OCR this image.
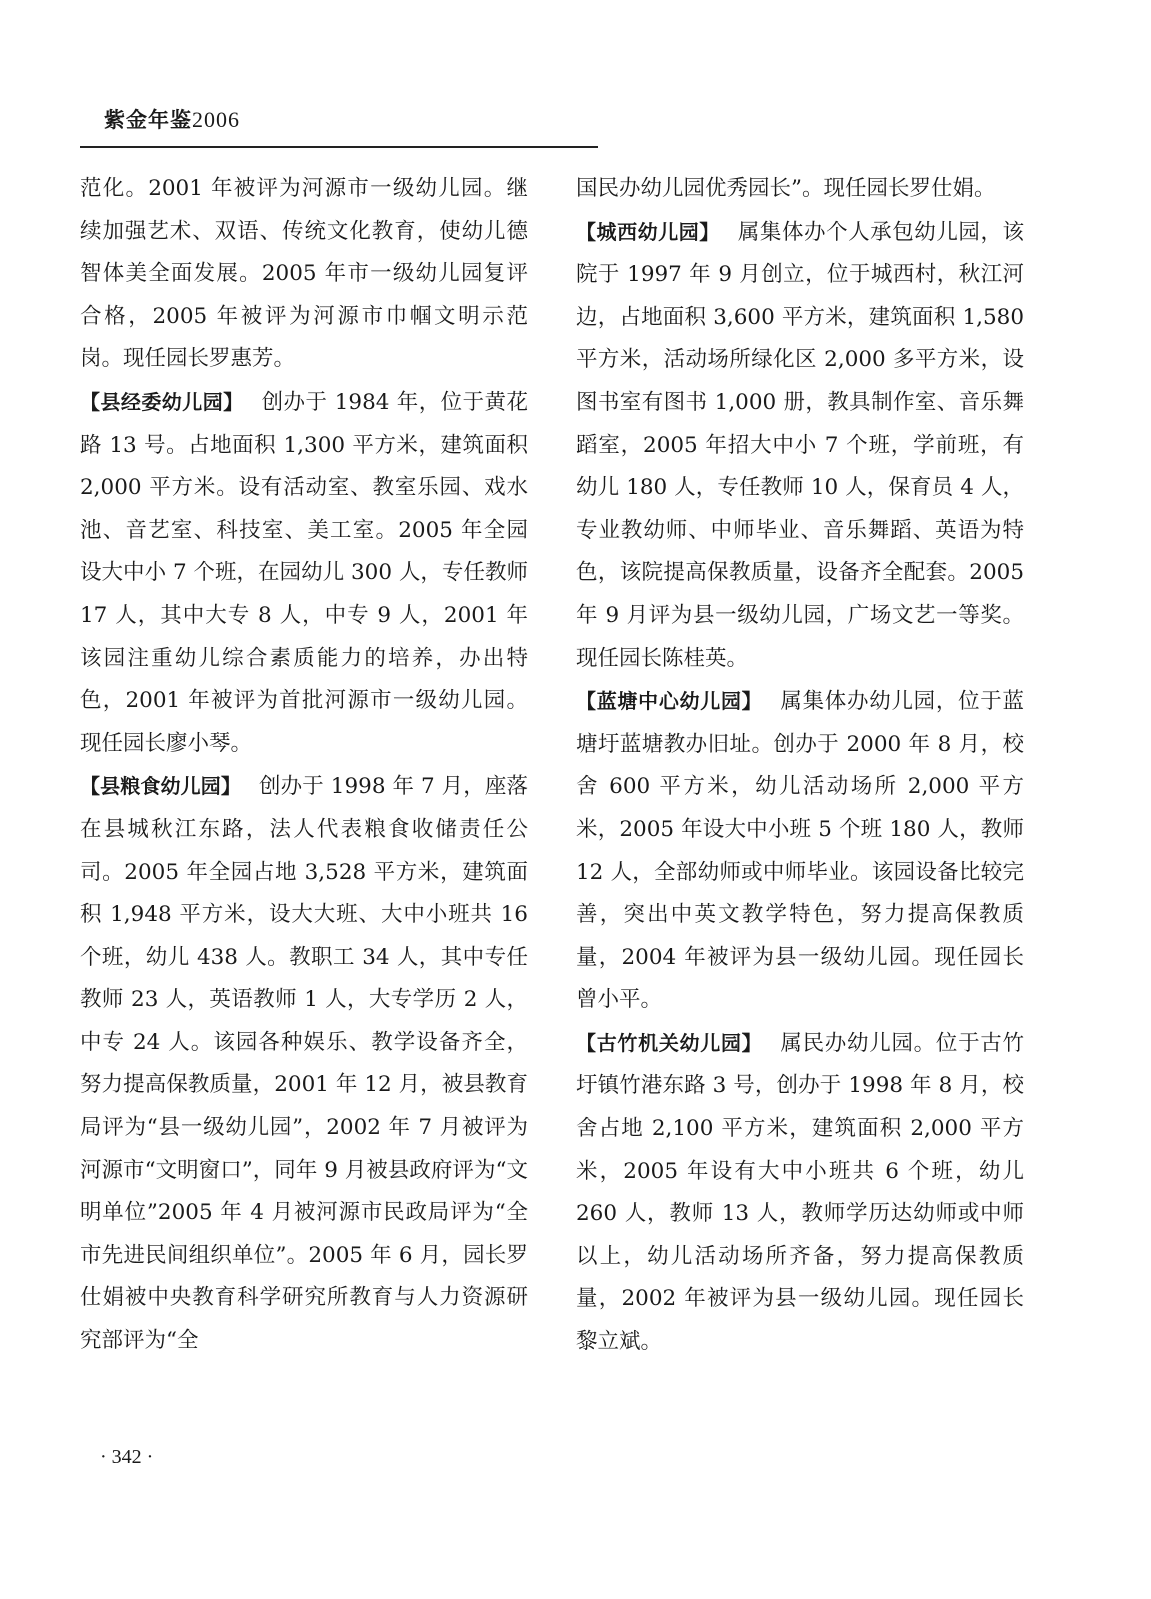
紫金年鉴2006

范化。2001 年被评为河源市一级幼儿园。继续加强艺术、双语、传统文化教育，使幼儿德智体美全面发展。2005 年市一级幼儿园复评合格，2005 年被评为河源市巾帼文明示范岗。现任园长罗惠芳。

【县经委幼儿园】 创办于 1984 年，位于黄花路 13 号。占地面积 1,300 平方米，建筑面积 2,000 平方米。设有活动室、教室乐园、戏水池、音艺室、科技室、美工室。2005 年全园设大中小 7 个班，在园幼儿 300 人，专任教师 17 人，其中大专 8 人，中专 9 人，2001 年该园注重幼儿综合素质能力的培养，办出特色，2001 年被评为首批河源市一级幼儿园。现任园长廖小琴。

【县粮食幼儿园】 创办于 1998 年 7 月，座落在县城秋江东路，法人代表粮食收储责任公司。2005 年全园占地 3,528 平方米，建筑面积 1,948 平方米，设大大班、大中小班共 16 个班，幼儿 438 人。教职工 34 人，其中专任教师 23 人，英语教师 1 人，大专学历 2 人，中专 24 人。该园各种娱乐、教学设备齐全，努力提高保教质量，2001 年 12 月，被县教育局评为“县一级幼儿园”，2002 年 7 月被评为河源市“文明窗口”，同年 9 月被县政府评为“文明单位”2005 年 4 月被河源市民政局评为“全市先进民间组织单位”。2005 年 6 月，园长罗仕娟被中央教育科学研究所教育与人力资源研究部评为“全

国民办幼儿园优秀园长”。现任园长罗仕娟。

【城西幼儿园】 属集体办个人承包幼儿园，该院于 1997 年 9 月创立，位于城西村，秋江河边，占地面积 3,600 平方米，建筑面积 1,580 平方米，活动场所绿化区 2,000 多平方米，设图书室有图书 1,000 册，教具制作室、音乐舞蹈室，2005 年招大中小 7 个班，学前班，有幼儿 180 人，专任教师 10 人，保育员 4 人，专业教幼师、中师毕业、音乐舞蹈、英语为特色，该院提高保教质量，设备齐全配套。2005 年 9 月评为县一级幼儿园，广场文艺一等奖。现任园长陈桂英。

【蓝塘中心幼儿园】 属集体办幼儿园，位于蓝塘圩蓝塘教办旧址。创办于 2000 年 8 月，校舍 600 平方米，幼儿活动场所 2,000 平方米，2005 年设大中小班 5 个班 180 人，教师 12 人，全部幼师或中师毕业。该园设备比较完善，突出中英文教学特色，努力提高保教质量，2004 年被评为县一级幼儿园。现任园长曾小平。

【古竹机关幼儿园】 属民办幼儿园。位于古竹圩镇竹港东路 3 号，创办于 1998 年 8 月，校舍占地 2,100 平方米，建筑面积 2,000 平方米，2005 年设有大中小班共 6 个班，幼儿 260 人，教师 13 人，教师学历达幼师或中师以上，幼儿活动场所齐备，努力提高保教质量，2002 年被评为县一级幼儿园。现任园长黎立斌。

· 342 ·
